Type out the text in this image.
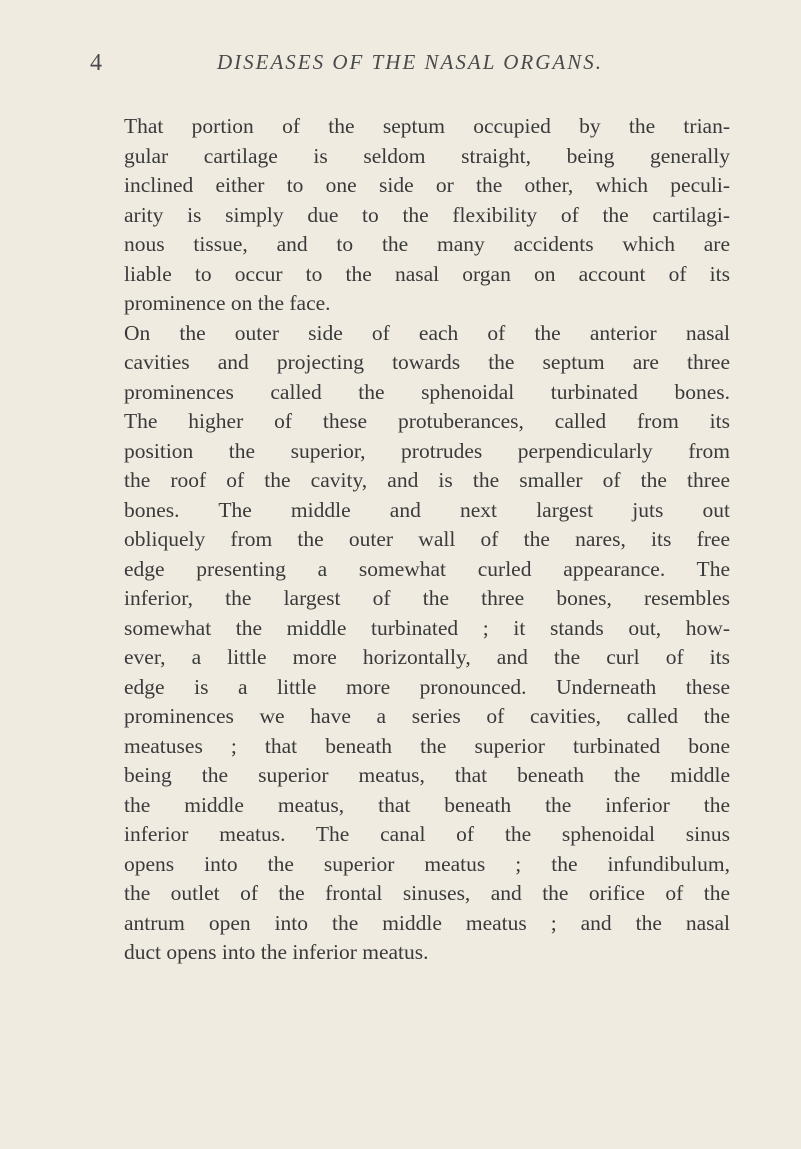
4	DISEASES OF THE NASAL ORGANS.

That portion of the septum occupied by the trian-
gular cartilage is seldom straight, being generally
inclined either to one side or the other, which peculi-
arity is simply due to the flexibility of the cartilagi-
nous tissue, and to the many accidents which are
liable to occur to the nasal organ on account of its
prominence on the face.

On the outer side of each of the anterior nasal
cavities and projecting towards the septum are three
prominences called the sphenoidal turbinated bones.
The higher of these protuberances, called from its
position the superior, protrudes perpendicularly from
the roof of the cavity, and is the smaller of the three
bones. The middle and next largest juts out
obliquely from the outer wall of the nares, its free
edge presenting a somewhat curled appearance. The
inferior, the largest of the three bones, resembles
somewhat the middle turbinated ; it stands out, how-
ever, a little more horizontally, and the curl of its
edge is a little more pronounced. Underneath these
prominences we have a series of cavities, called the
meatuses ; that beneath the superior turbinated bone
being the superior meatus, that beneath the middle
the middle meatus, that beneath the inferior the
inferior meatus. The canal of the sphenoidal sinus
opens into the superior meatus ; the infundibulum,
the outlet of the frontal sinuses, and the orifice of the
antrum open into the middle meatus ; and the nasal
duct opens into the inferior meatus.
